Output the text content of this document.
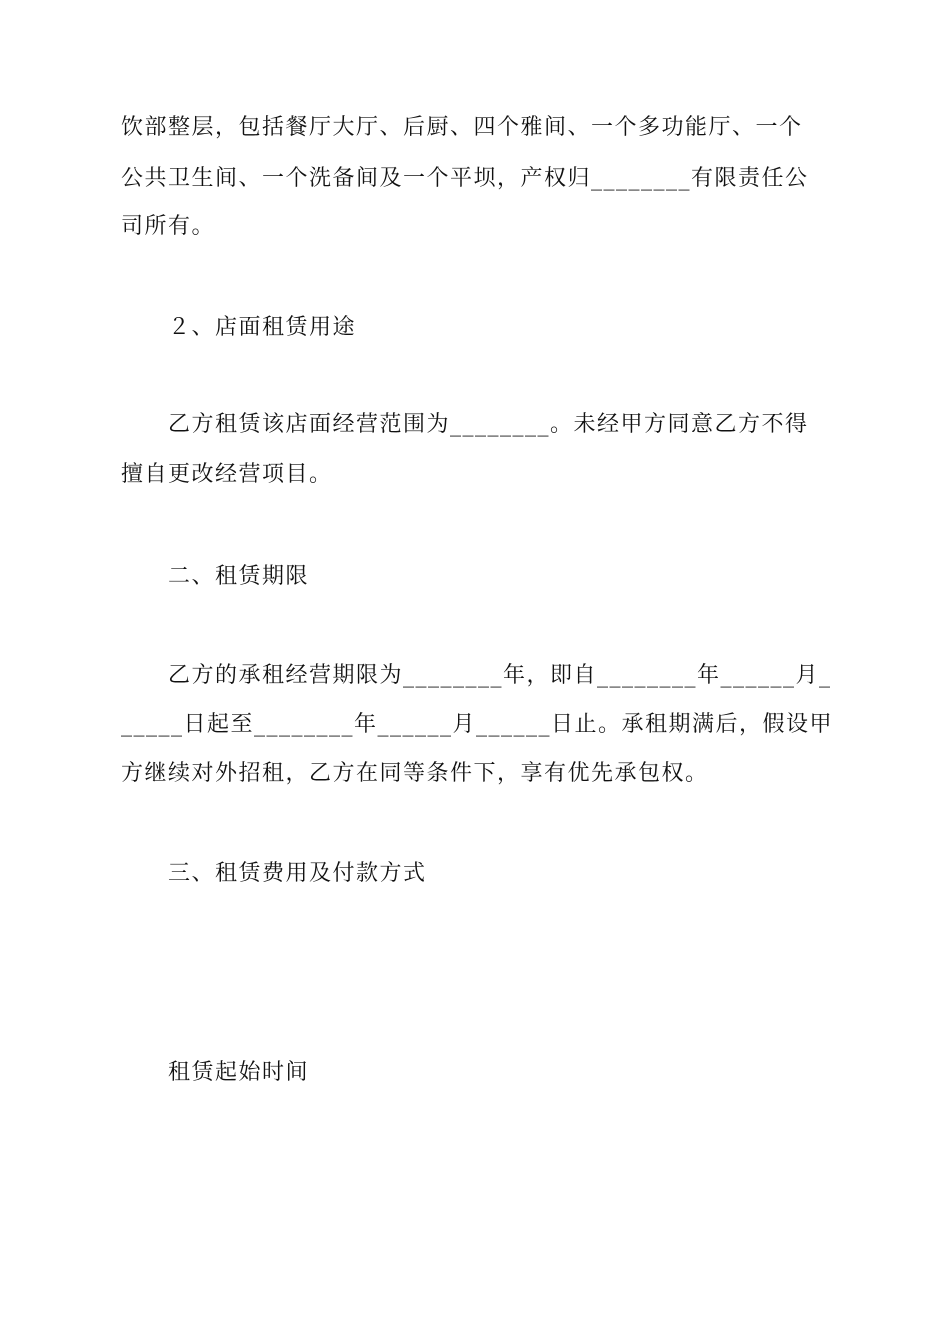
饮部整层，包括餐厅大厅、后厨、四个雅间、一个多功能厅、一个
公共卫生间、一个洗备间及一个平坝，产权归________有限责任公
司所有。
２、店面租赁用途
乙方租赁该店面经营范围为________。未经甲方同意乙方不得
擅自更改经营项目。
二、租赁期限
乙方的承租经营期限为________年，即自________年______月_
_____日起至________年______月______日止。承租期满后，假设甲
方继续对外招租，乙方在同等条件下，享有优先承包权。
三、租赁费用及付款方式
租赁起始时间
